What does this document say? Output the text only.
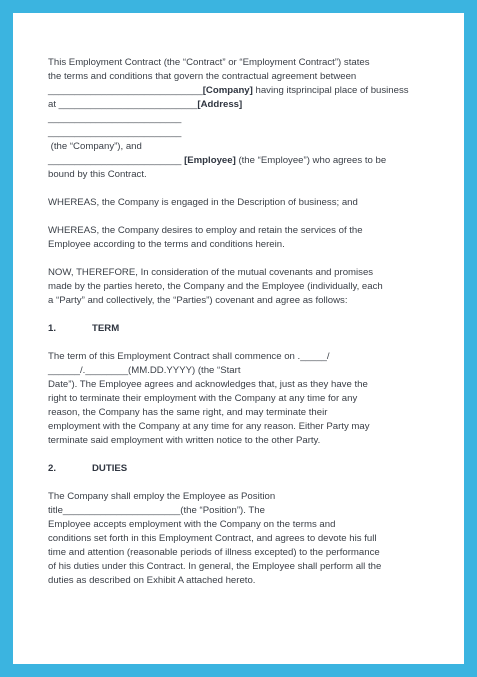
This Employment Contract (the “Contract” or “Employment Contract”) states
the terms and conditions that govern the contractual agreement between
_____________________________[Company] having itsprincipal place of business
at __________________________[Address]
_________________________
_________________________
(the “Company”), and
_________________________ [Employee] (the “Employee”) who agrees to be
bound by this Contract.

WHEREAS, the Company is engaged in the Description of business; and

WHEREAS, the Company desires to employ and retain the services of the
Employee according to the terms and conditions herein.

NOW, THEREFORE, In consideration of the mutual covenants and promises
made by the parties hereto, the Company and the Employee (individually, each
a “Party” and collectively, the “Parties”) covenant and agree as follows:

1.	TERM

The term of this Employment Contract shall commence on ._____/
______/.________(MM.DD.YYYY) (the “Start
Date”). The Employee agrees and acknowledges that, just as they have the
right to terminate their employment with the Company at any time for any
reason, the Company has the same right, and may terminate their
employment with the Company at any time for any reason. Either Party may
terminate said employment with written notice to the other Party.

2.	DUTIES

The Company shall employ the Employee as Position
title______________________(the “Position”). The
Employee accepts employment with the Company on the terms and
conditions set forth in this Employment Contract, and agrees to devote his full
time and attention (reasonable periods of illness excepted) to the performance
of his duties under this Contract. In general, the Employee shall perform all the
duties as described on Exhibit A attached hereto.
